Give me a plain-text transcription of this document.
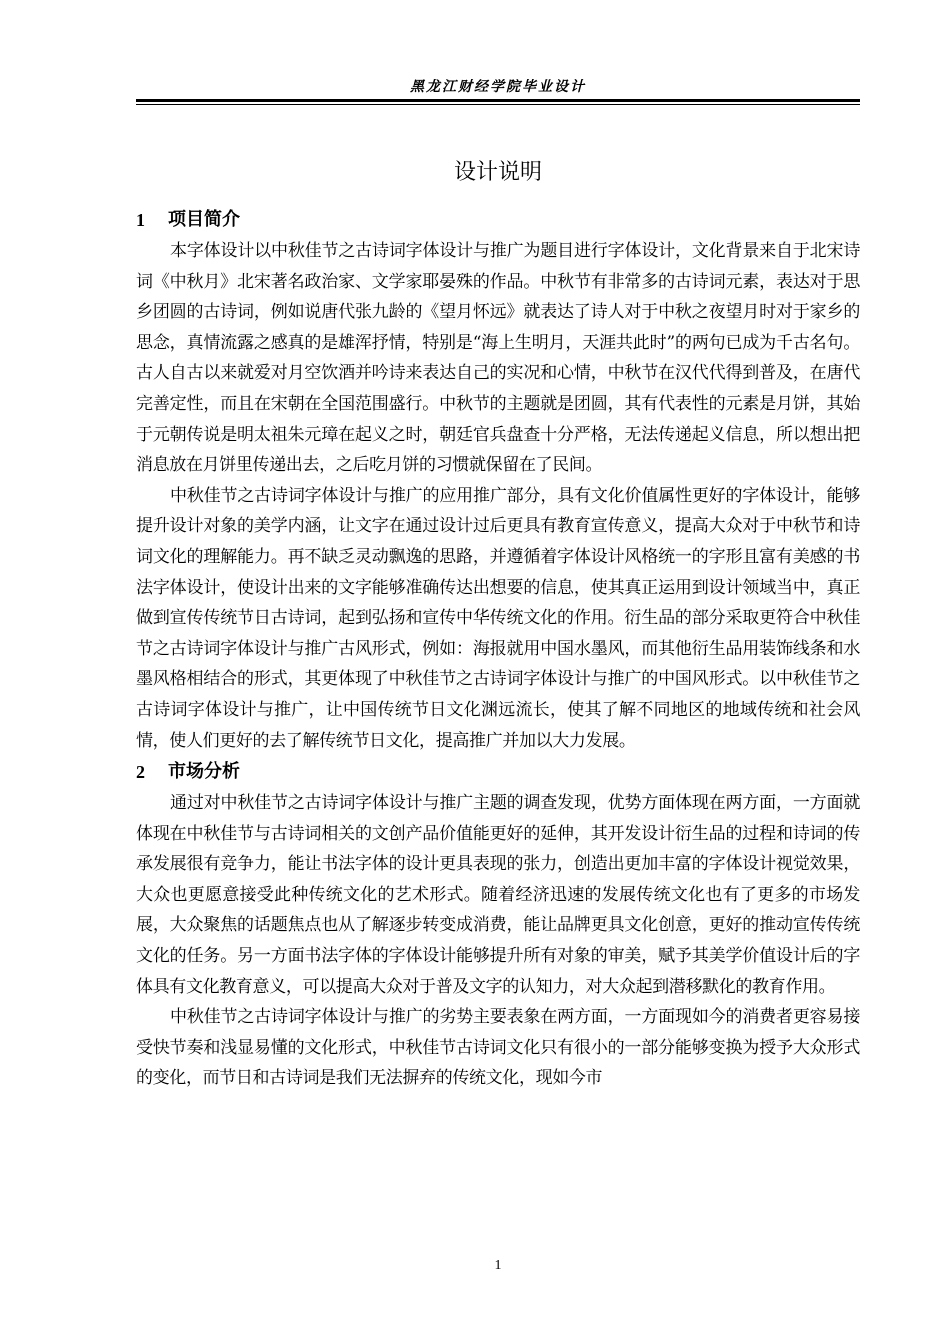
黑龙江财经学院毕业设计
设计说明
1	项目简介

本字体设计以中秋佳节之古诗词字体设计与推广为题目进行字体设计，文化背景来自于北宋诗词《中秋月》北宋著名政治家、文学家耶晏殊的作品。中秋节有非常多的古诗词元素，表达对于思乡团圆的古诗词，例如说唐代张九龄的《望月怀远》就表达了诗人对于中秋之夜望月时对于家乡的思念，真情流露之感真的是雄浑抒情，特别是“海上生明月，天涯共此时”的两句已成为千古名句。古人自古以来就爱对月空饮酒并吟诗来表达自己的实况和心情，中秋节在汉代代得到普及，在唐代完善定性，而且在宋朝在全国范围盛行。中秋节的主题就是团圆，其有代表性的元素是月饼，其始于元朝传说是明太祖朱元璋在起义之时，朝廷官兵盘查十分严格，无法传递起义信息，所以想出把消息放在月饼里传递出去，之后吃月饼的习惯就保留在了民间。

中秋佳节之古诗词字体设计与推广的应用推广部分，具有文化价值属性更好的字体设计，能够提升设计对象的美学内涵，让文字在通过设计过后更具有教育宣传意义，提高大众对于中秋节和诗词文化的理解能力。再不缺乏灵动飘逸的思路，并遵循着字体设计风格统一的字形且富有美感的书法字体设计，使设计出来的文字能够准确传达出想要的信息，使其真正运用到设计领域当中，真正做到宣传传统节日古诗词，起到弘扬和宣传中华传统文化的作用。衍生品的部分采取更符合中秋佳节之古诗词字体设计与推广古风形式，例如：海报就用中国水墨风，而其他衍生品用装饰线条和水墨风格相结合的形式，其更体现了中秋佳节之古诗词字体设计与推广的中国风形式。以中秋佳节之古诗词字体设计与推广，让中国传统节日文化渊远流长，使其了解不同地区的地域传统和社会风情，使人们更好的去了解传统节日文化，提高推广并加以大力发展。

2	市场分析

通过对中秋佳节之古诗词字体设计与推广主题的调查发现，优势方面体现在两方面，一方面就体现在中秋佳节与古诗词相关的文创产品价值能更好的延伸，其开发设计衍生品的过程和诗词的传承发展很有竞争力，能让书法字体的设计更具表现的张力，创造出更加丰富的字体设计视觉效果，大众也更愿意接受此种传统文化的艺术形式。随着经济迅速的发展传统文化也有了更多的市场发展，大众聚焦的话题焦点也从了解逐步转变成消费，能让品牌更具文化创意，更好的推动宣传传统文化的任务。另一方面书法字体的字体设计能够提升所有对象的审美，赋予其美学价值设计后的字体具有文化教育意义，可以提高大众对于普及文字的认知力，对大众起到潜移默化的教育作用。

中秋佳节之古诗词字体设计与推广的劣势主要表象在两方面，一方面现如今的消费者更容易接受快节奏和浅显易懂的文化形式，中秋佳节古诗词文化只有很小的一部分能够变换为授予大众形式的变化，而节日和古诗词是我们无法摒弃的传统文化，现如今市

1
